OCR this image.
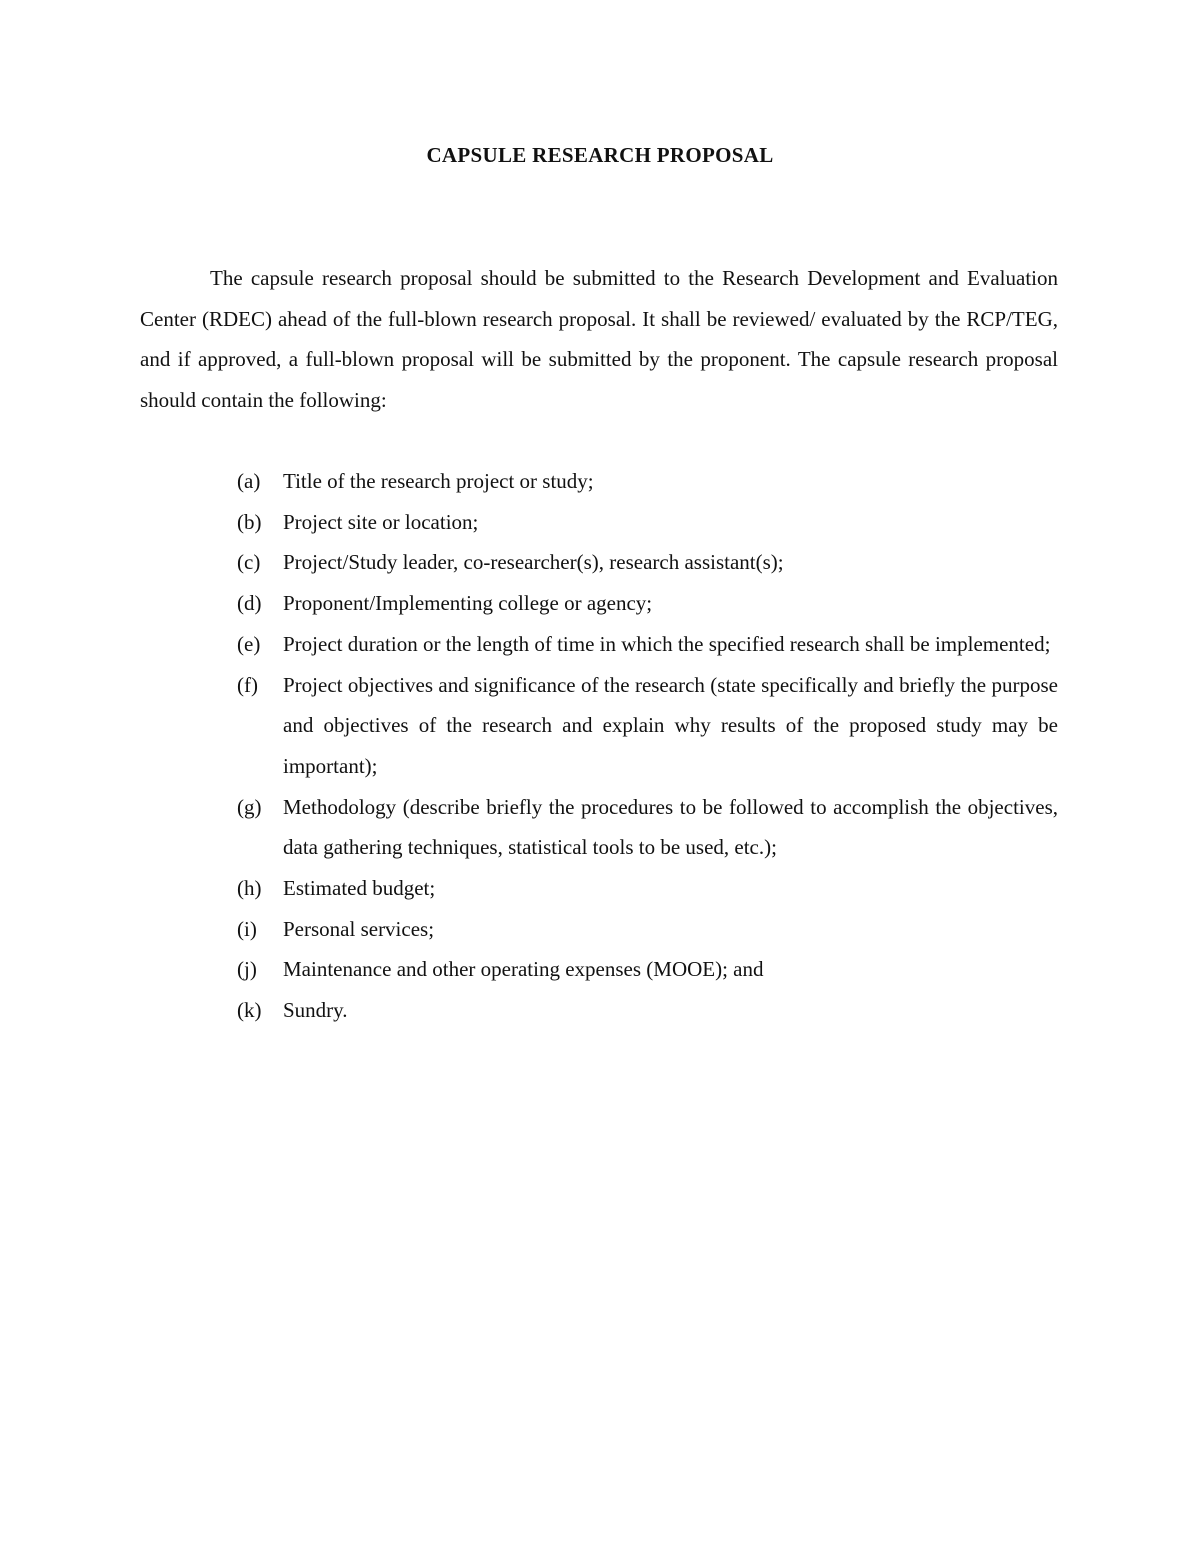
CAPSULE RESEARCH PROPOSAL

The capsule research proposal should be submitted to the Research Development and Evaluation Center (RDEC) ahead of the full-blown research proposal. It shall be reviewed/ evaluated by the RCP/TEG, and if approved, a full-blown proposal will be submitted by the proponent. The capsule research proposal should contain the following:

(a)	Title of the research project or study;
(b)	Project site or location;
(c)	Project/Study leader, co-researcher(s), research assistant(s);
(d)	Proponent/Implementing college or agency;
(e)	Project duration or the length of time in which the specified research shall be implemented;
(f)	Project objectives and significance of the research (state specifically and briefly the purpose and objectives of the research and explain why results of the proposed study may be important);
(g)	Methodology (describe briefly the procedures to be followed to accomplish the objectives, data gathering techniques, statistical tools to be used, etc.);
(h)	Estimated budget;
(i)	Personal services;
(j)	Maintenance and other operating expenses (MOOE); and
(k)	Sundry.
